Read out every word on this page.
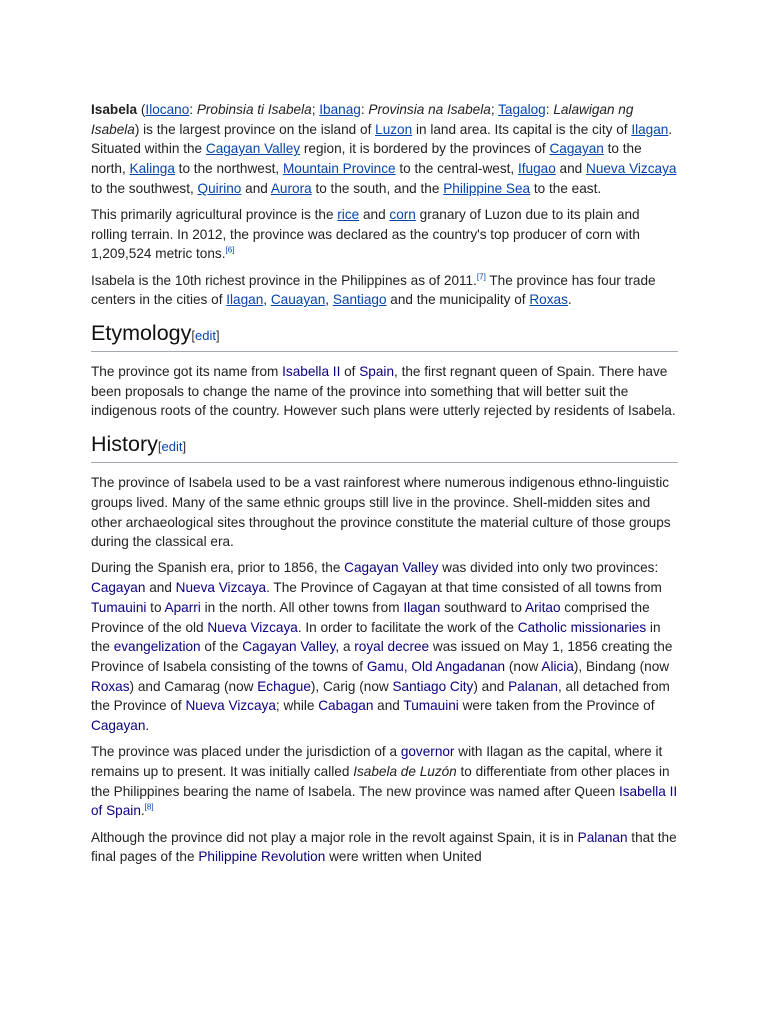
Isabela (Ilocano: Probinsia ti Isabela; Ibanag: Provinsia na Isabela; Tagalog: Lalawigan ng Isabela) is the largest province on the island of Luzon in land area. Its capital is the city of Ilagan. Situated within the Cagayan Valley region, it is bordered by the provinces of Cagayan to the north, Kalinga to the northwest, Mountain Province to the central-west, Ifugao and Nueva Vizcaya to the southwest, Quirino and Aurora to the south, and the Philippine Sea to the east.

This primarily agricultural province is the rice and corn granary of Luzon due to its plain and rolling terrain. In 2012, the province was declared as the country's top producer of corn with 1,209,524 metric tons.[6]

Isabela is the 10th richest province in the Philippines as of 2011.[7] The province has four trade centers in the cities of Ilagan, Cauayan, Santiago and the municipality of Roxas.

Etymology[edit]

The province got its name from Isabella II of Spain, the first regnant queen of Spain. There have been proposals to change the name of the province into something that will better suit the indigenous roots of the country. However such plans were utterly rejected by residents of Isabela.

History[edit]

The province of Isabela used to be a vast rainforest where numerous indigenous ethno-linguistic groups lived. Many of the same ethnic groups still live in the province. Shell-midden sites and other archaeological sites throughout the province constitute the material culture of those groups during the classical era.

During the Spanish era, prior to 1856, the Cagayan Valley was divided into only two provinces: Cagayan and Nueva Vizcaya. The Province of Cagayan at that time consisted of all towns from Tumauini to Aparri in the north. All other towns from Ilagan southward to Aritao comprised the Province of the old Nueva Vizcaya. In order to facilitate the work of the Catholic missionaries in the evangelization of the Cagayan Valley, a royal decree was issued on May 1, 1856 creating the Province of Isabela consisting of the towns of Gamu, Old Angadanan (now Alicia), Bindang (now Roxas) and Camarag (now Echague), Carig (now Santiago City) and Palanan, all detached from the Province of Nueva Vizcaya; while Cabagan and Tumauini were taken from the Province of Cagayan.

The province was placed under the jurisdiction of a governor with Ilagan as the capital, where it remains up to present. It was initially called Isabela de Luzón to differentiate from other places in the Philippines bearing the name of Isabela. The new province was named after Queen Isabella II of Spain.[8]

Although the province did not play a major role in the revolt against Spain, it is in Palanan that the final pages of the Philippine Revolution were written when United
